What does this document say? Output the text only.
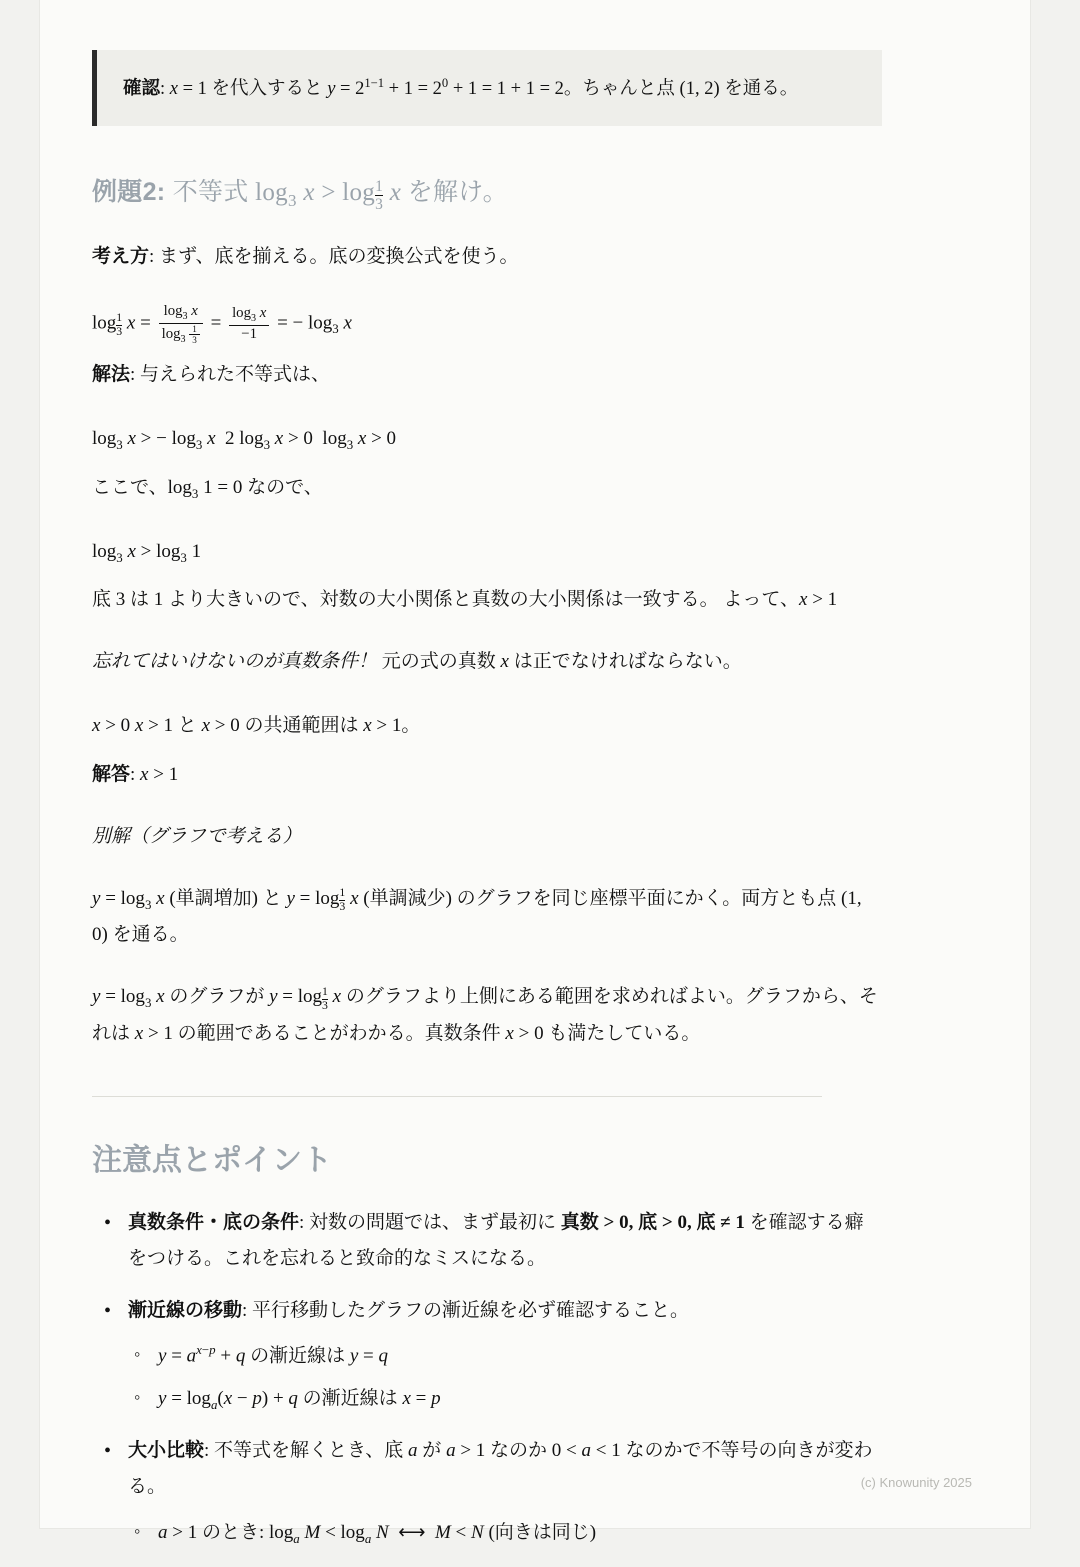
確認: x = 1 を代入すると $y = 2^{1-1} + 1 = 2^0 + 1 = 1 + 1 = 2$。ちゃんと点 (1, 2) を通る。
例題2: 不等式 $\log_3 x > \log \frac{1}{3}$ x を解け。

考え方: まず、底を揃える。底の変換公式を使う。

$\log \frac{1}{3}$ $x = \frac{\log_3 x}{\log_3 \frac{1}{3}} = \frac{\log_3 x}{-1}$ = − $\log_3 x$

解法: 与えられた不等式は、

$\log_3 x$ > − $\log_3 x$  2 $\log_3 x > 0$  $\log_3 x > 0$

ここで、$\log_3 1 = 0$ なので、

$\log_3 x > \log_3 1$

底 3 は 1 より大きいので、対数の大小関係と真数の大小関係は一致する。 よって、x > 1

忘れてはいけないのが真数条件！ 元の式の真数 x は正でなければならない。

x > 0 x > 1 と x > 0 の共通範囲は x > 1。

解答: x > 1

別解（グラフで考える）

$y = \log_3 x$ (単調増加) と $y = \log \frac{1}{3}$ x (単調減少) のグラフを同じ座標平面にかく。両方とも点 (1, 0) を通る。

$y = \log_3 x$ のグラフが $y = \log \frac{1}{3}$ x のグラフより上側にある範囲を求めればよい。グラフから、それは x > 1 の範囲であることがわかる。真数条件 x > 0 も満たしている。

注意点とポイント
• 真数条件・底の条件: 対数の問題では、まず最初に 真数 > 0, 底 > 0, 底 ≠ 1 を確認する癖をつける。これを忘れると致命的なミスになる。
• 漸近線の移動: 平行移動したグラフの漸近線を必ず確認すること。
◦ $y = a^{x-p} + q$ の漸近線は y = q
◦ $y = \log_a(x - p) + q$ の漸近線は x = p
• 大小比較: 不等式を解くとき、底 a が a > 1 なのか 0 < a < 1 なのかで不等号の向きが変わる。
◦ a > 1 のとき: $\log_a M < \log_a N$  ⟷  M < N (向きは同じ)
(c) Knowunity 2025
